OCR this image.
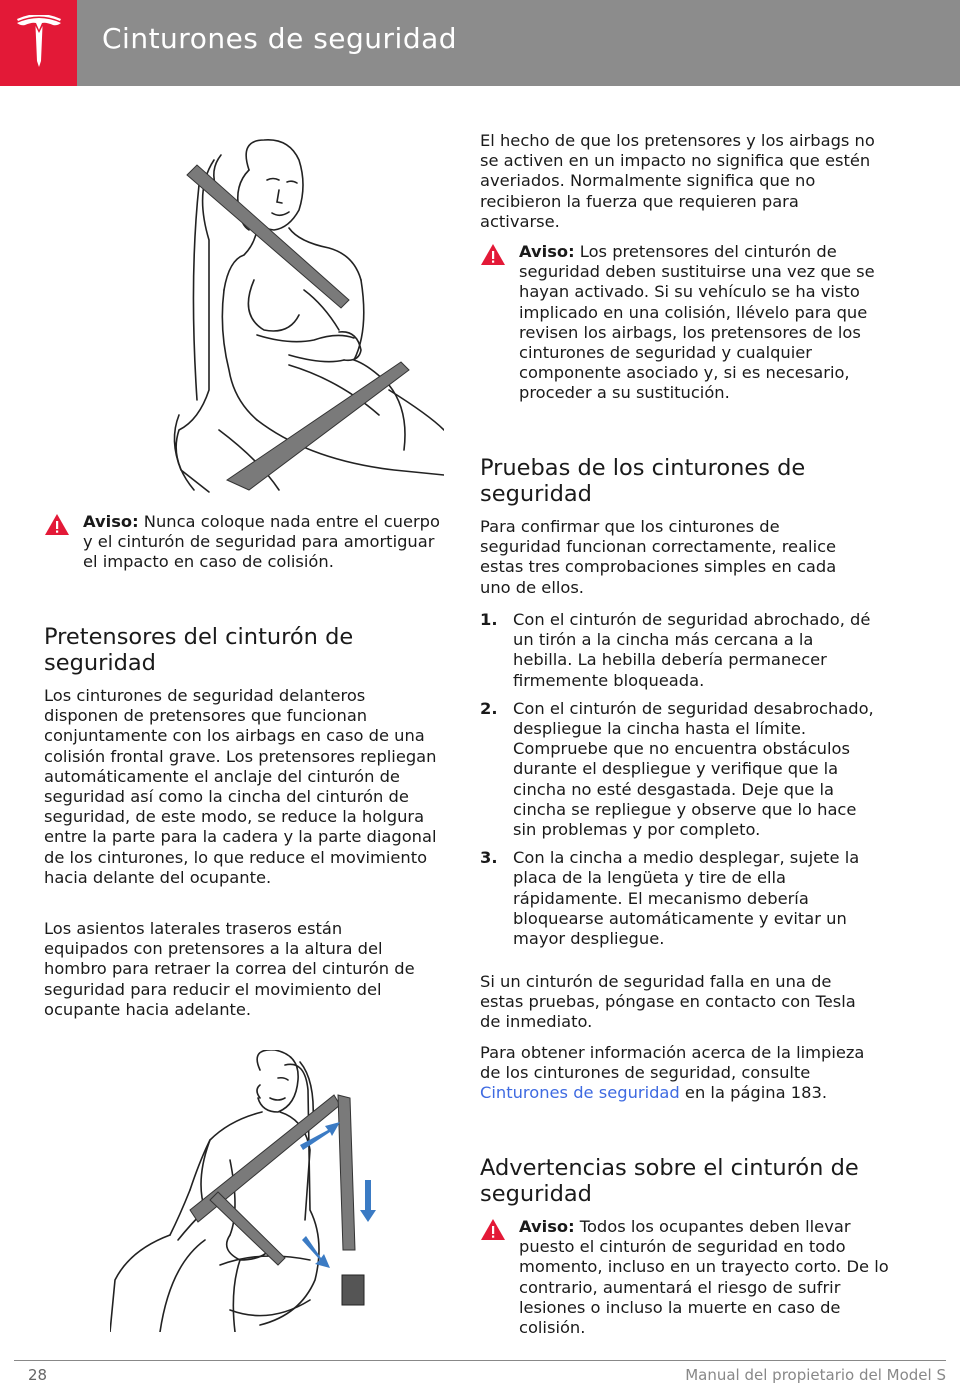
Cinturones de seguridad
Aviso: Nunca coloque nada entre el cuerpo y el cinturón de seguridad para amortiguar el impacto en caso de colisión.
Pretensores del cinturón de seguridad

Los cinturones de seguridad delanteros disponen de pretensores que funcionan conjuntamente con los airbags en caso de una colisión frontal grave. Los pretensores repliegan automáticamente el anclaje del cinturón de seguridad así como la cincha del cinturón de seguridad, de este modo, se reduce la holgura entre la parte para la cadera y la parte diagonal de los cinturones, lo que reduce el movimiento hacia delante del ocupante.

Los asientos laterales traseros están equipados con pretensores a la altura del hombro para retraer la correa del cinturón de seguridad para reducir el movimiento del ocupante hacia adelante.

El hecho de que los pretensores y los airbags no se activen en un impacto no significa que estén averiados. Normalmente significa que no recibieron la fuerza que requieren para activarse.

Aviso: Los pretensores del cinturón de seguridad deben sustituirse una vez que se hayan activado. Si su vehículo se ha visto implicado en una colisión, llévelo para que revisen los airbags, los pretensores de los cinturones de seguridad y cualquier componente asociado y, si es necesario, proceder a su sustitución.
Pruebas de los cinturones de seguridad

Para confirmar que los cinturones de seguridad funcionan correctamente, realice estas tres comprobaciones simples en cada uno de ellos.

1. Con el cinturón de seguridad abrochado, dé un tirón a la cincha más cercana a la hebilla. La hebilla debería permanecer firmemente bloqueada.
2. Con el cinturón de seguridad desabrochado, despliegue la cincha hasta el límite. Compruebe que no encuentra obstáculos durante el despliegue y verifique que la cincha no esté desgastada. Deje que la cincha se repliegue y observe que lo hace sin problemas y por completo.
3. Con la cincha a medio desplegar, sujete la placa de la lengüeta y tire de ella rápidamente. El mecanismo debería bloquearse automáticamente y evitar un mayor despliegue.

Si un cinturón de seguridad falla en una de estas pruebas, póngase en contacto con Tesla de inmediato.

Para obtener información acerca de la limpieza de los cinturones de seguridad, consulte Cinturones de seguridad en la página 183.

Advertencias sobre el cinturón de seguridad
Aviso: Todos los ocupantes deben llevar puesto el cinturón de seguridad en todo momento, incluso en un trayecto corto. De lo contrario, aumentará el riesgo de sufrir lesiones o incluso la muerte en caso de colisión.
28	Manual del propietario del Model S
